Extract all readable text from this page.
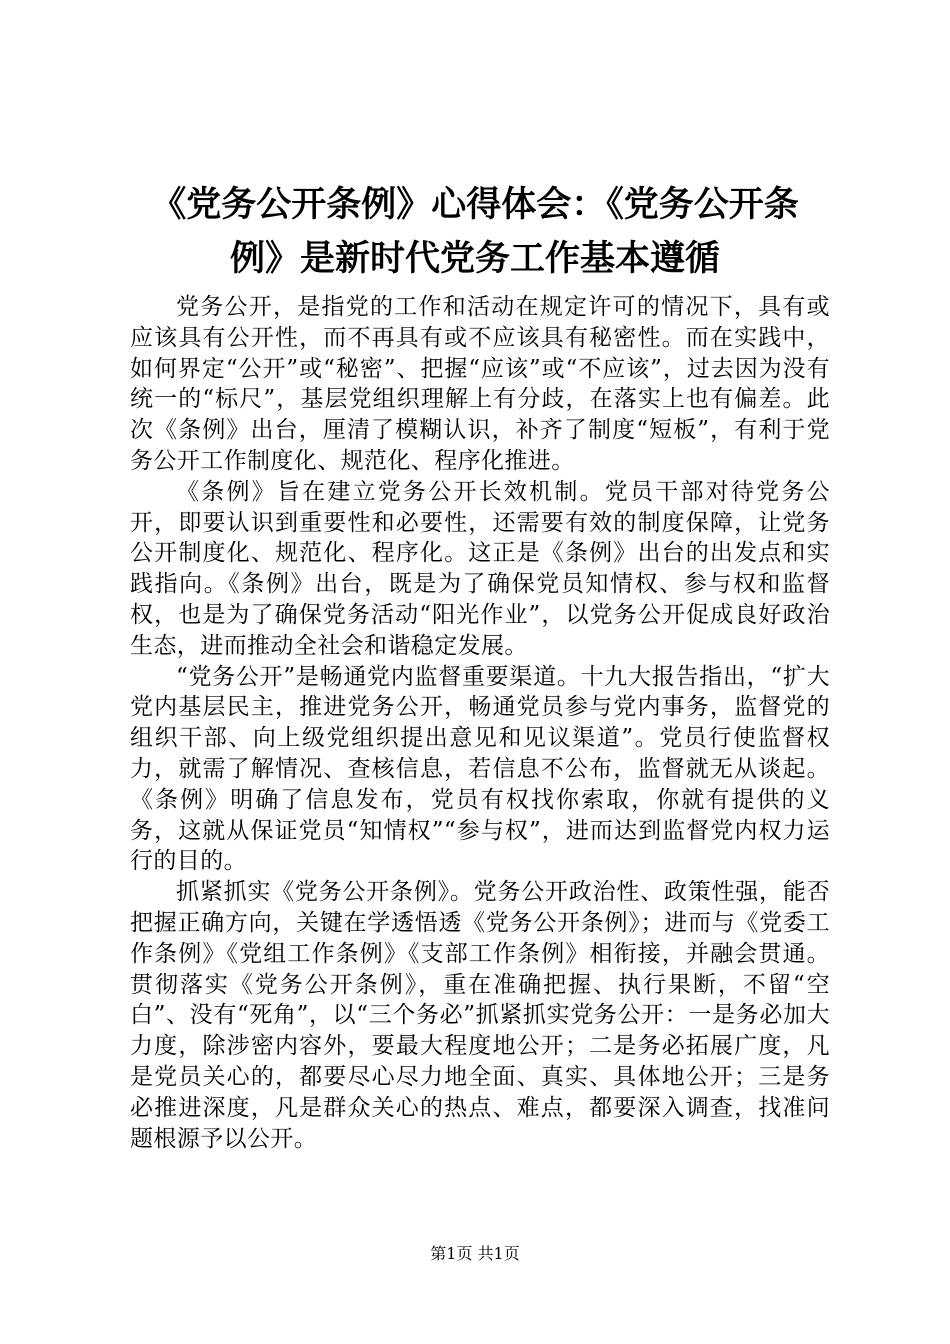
《党务公开条例》心得体会：《党务公开条
例》是新时代党务工作基本遵循

党务公开，是指党的工作和活动在规定许可的情况下，具有或应该具有公开性，而不再具有或不应该具有秘密性。而在实践中，如何界定“公开”或“秘密”、把握“应该”或“不应该”，过去因为没有统一的“标尺”，基层党组织理解上有分歧，在落实上也有偏差。此次《条例》出台，厘清了模糊认识，补齐了制度“短板”，有利于党务公开工作制度化、规范化、程序化推进。

《条例》旨在建立党务公开长效机制。党员干部对待党务公开，即要认识到重要性和必要性，还需要有效的制度保障，让党务公开制度化、规范化、程序化。这正是《条例》出台的出发点和实践指向。《条例》出台，既是为了确保党员知情权、参与权和监督权，也是为了确保党务活动“阳光作业”，以党务公开促成良好政治生态，进而推动全社会和谐稳定发展。

“党务公开”是畅通党内监督重要渠道。十九大报告指出，“扩大党内基层民主，推进党务公开，畅通党员参与党内事务，监督党的组织干部、向上级党组织提出意见和见议渠道”。党员行使监督权力，就需了解情况、查核信息，若信息不公布，监督就无从谈起。《条例》明确了信息发布，党员有权找你索取，你就有提供的义务，这就从保证党员“知情权”“参与权”，进而达到监督党内权力运行的目的。

抓紧抓实《党务公开条例》。党务公开政治性、政策性强，能否把握正确方向，关键在学透悟透《党务公开条例》；进而与《党委工作条例》《党组工作条例》《支部工作条例》相衔接，并融会贯通。贯彻落实《党务公开条例》，重在准确把握、执行果断，不留“空白”、没有“死角”，以“三个务必”抓紧抓实党务公开：一是务必加大力度，除涉密内容外，要最大程度地公开；二是务必拓展广度，凡是党员关心的，都要尽心尽力地全面、真实、具体地公开；三是务必推进深度，凡是群众关心的热点、难点，都要深入调查，找准问题根源予以公开。

第1页 共1页
